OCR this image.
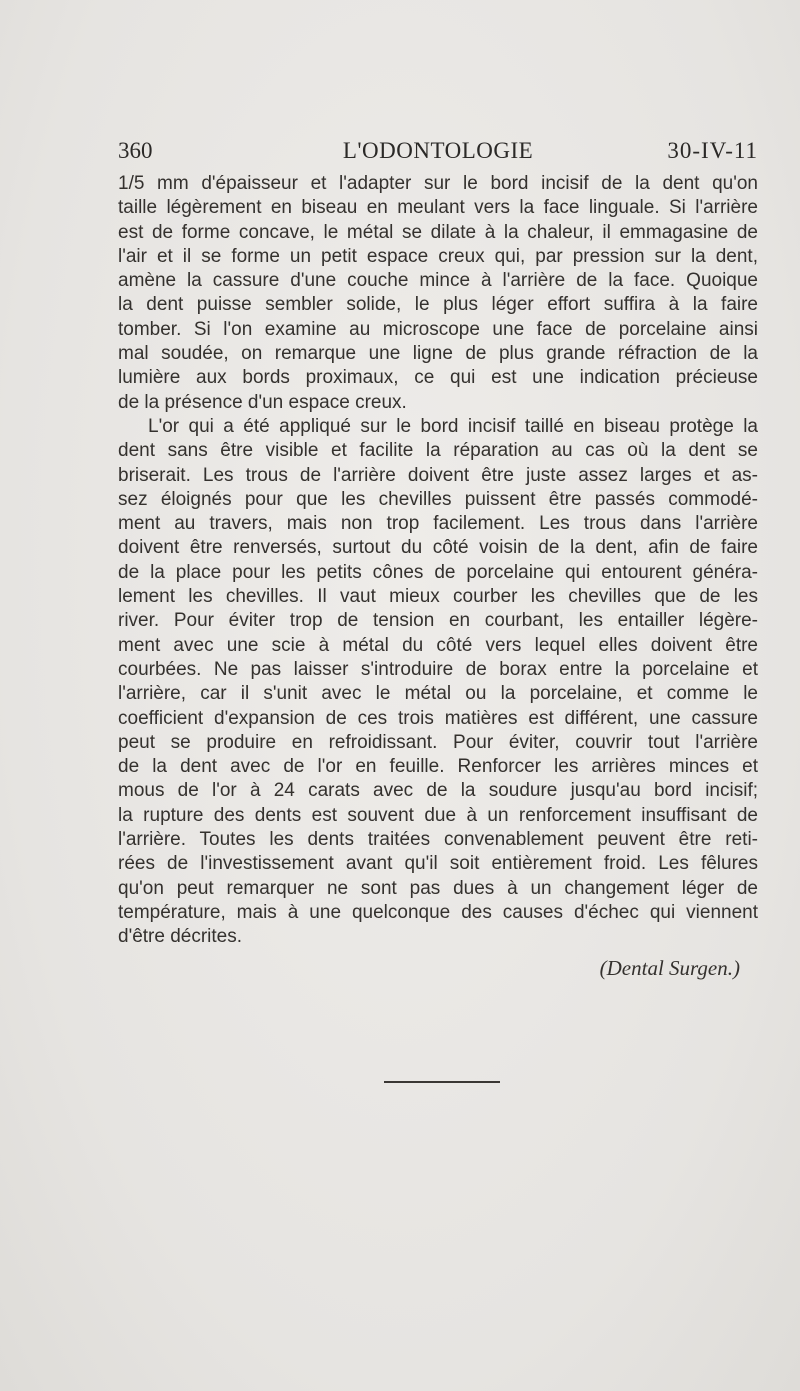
360	L'ODONTOLOGIE	30-IV-11
1/5 mm d'épaisseur et l'adapter sur le bord incisif de la dent qu'on
taille légèrement en biseau en meulant vers la face linguale. Si l'arrière
est de forme concave, le métal se dilate à la chaleur, il emmagasine de
l'air et il se forme un petit espace creux qui, par pression sur la dent,
amène la cassure d'une couche mince à l'arrière de la face. Quoique
la dent puisse sembler solide, le plus léger effort suffira à la faire
tomber. Si l'on examine au microscope une face de porcelaine ainsi
mal soudée, on remarque une ligne de plus grande réfraction de la
lumière aux bords proximaux, ce qui est une indication précieuse
de la présence d'un espace creux.
L'or qui a été appliqué sur le bord incisif taillé en biseau protège la
dent sans être visible et facilite la réparation au cas où la dent se
briserait. Les trous de l'arrière doivent être juste assez larges et as-
sez éloignés pour que les chevilles puissent être passés commodé-
ment au travers, mais non trop facilement. Les trous dans l'arrière
doivent être renversés, surtout du côté voisin de la dent, afin de faire
de la place pour les petits cônes de porcelaine qui entourent généra-
lement les chevilles. Il vaut mieux courber les chevilles que de les
river. Pour éviter trop de tension en courbant, les entailler légère-
ment avec une scie à métal du côté vers lequel elles doivent être
courbées. Ne pas laisser s'introduire de borax entre la porcelaine et
l'arrière, car il s'unit avec le métal ou la porcelaine, et comme le
coefficient d'expansion de ces trois matières est différent, une cassure
peut se produire en refroidissant. Pour éviter, couvrir tout l'arrière
de la dent avec de l'or en feuille. Renforcer les arrières minces et
mous de l'or à 24 carats avec de la soudure jusqu'au bord incisif;
la rupture des dents est souvent due à un renforcement insuffisant de
l'arrière. Toutes les dents traitées convenablement peuvent être reti-
rées de l'investissement avant qu'il soit entièrement froid. Les fêlures
qu'on peut remarquer ne sont pas dues à un changement léger de
température, mais à une quelconque des causes d'échec qui viennent
d'être décrites.
(Dental Surgen.)
